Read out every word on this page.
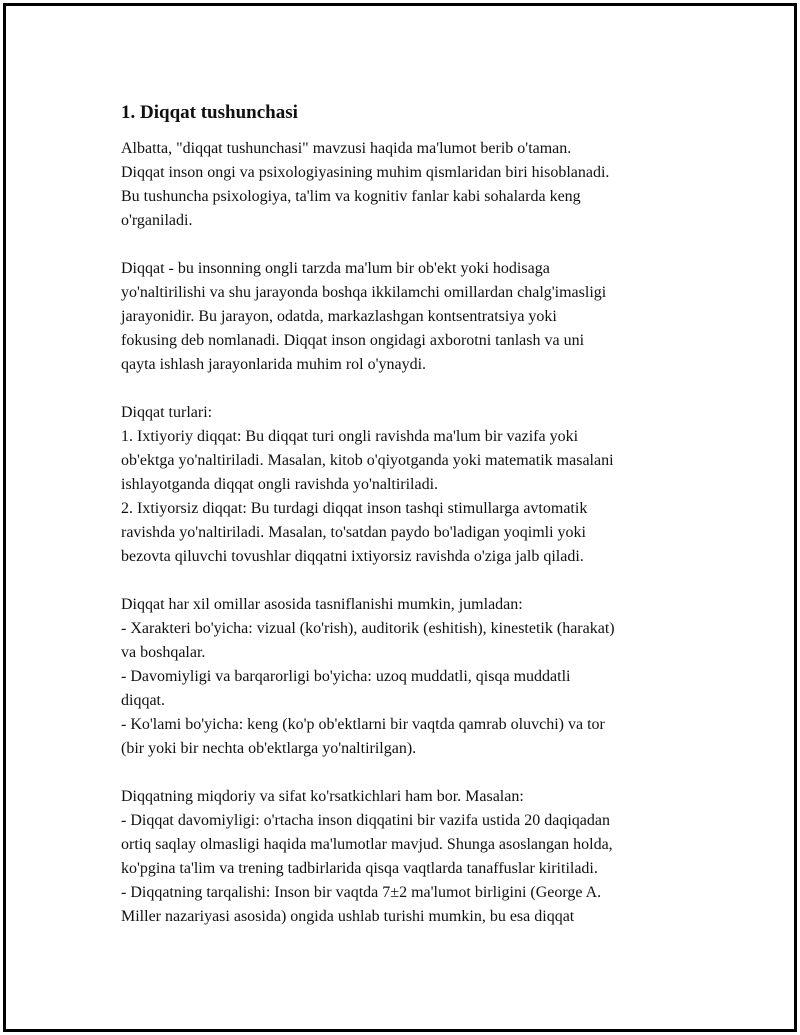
1. Diqqat tushunchasi
Albatta, "diqqat tushunchasi" mavzusi haqida ma'lumot berib o'taman.
Diqqat inson ongi va psixologiyasining muhim qismlaridan biri hisoblanadi.
Bu tushuncha psixologiya, ta'lim va kognitiv fanlar kabi sohalarda keng
o'rganiladi.
Diqqat - bu insonning ongli tarzda ma'lum bir ob'ekt yoki hodisaga
yo'naltirilishi va shu jarayonda boshqa ikkilamchi omillardan chalg'imasligi
jarayonidir. Bu jarayon, odatda, markazlashgan kontsentratsiya yoki
fokusing deb nomlanadi. Diqqat inson ongidagi axborotni tanlash va uni
qayta ishlash jarayonlarida muhim rol o'ynaydi.
Diqqat turlari:
1. Ixtiyoriy diqqat: Bu diqqat turi ongli ravishda ma'lum bir vazifa yoki
ob'ektga yo'naltiriladi. Masalan, kitob o'qiyotganda yoki matematik masalani
ishlayotganda diqqat ongli ravishda yo'naltiriladi.
2. Ixtiyorsiz diqqat: Bu turdagi diqqat inson tashqi stimullarga avtomatik
ravishda yo'naltiriladi. Masalan, to'satdan paydo bo'ladigan yoqimli yoki
bezovta qiluvchi tovushlar diqqatni ixtiyorsiz ravishda o'ziga jalb qiladi.
Diqqat har xil omillar asosida tasniflanishi mumkin, jumladan:
- Xarakteri bo'yicha: vizual (ko'rish), auditorik (eshitish), kinestetik (harakat)
va boshqalar.
- Davomiyligi va barqarorligi bo'yicha: uzoq muddatli, qisqa muddatli
diqqat.
- Ko'lami bo'yicha: keng (ko'p ob'ektlarni bir vaqtda qamrab oluvchi) va tor
(bir yoki bir nechta ob'ektlarga yo'naltirilgan).
Diqqatning miqdoriy va sifat ko'rsatkichlari ham bor. Masalan:
- Diqqat davomiyligi: o'rtacha inson diqqatini bir vazifa ustida 20 daqiqadan
ortiq saqlay olmasligi haqida ma'lumotlar mavjud. Shunga asoslangan holda,
ko'pgina ta'lim va trening tadbirlarida qisqa vaqtlarda tanaffuslar kiritiladi.
- Diqqatning tarqalishi: Inson bir vaqtda 7±2 ma'lumot birligini (George A.
Miller nazariyasi asosida) ongida ushlab turishi mumkin, bu esa diqqat
